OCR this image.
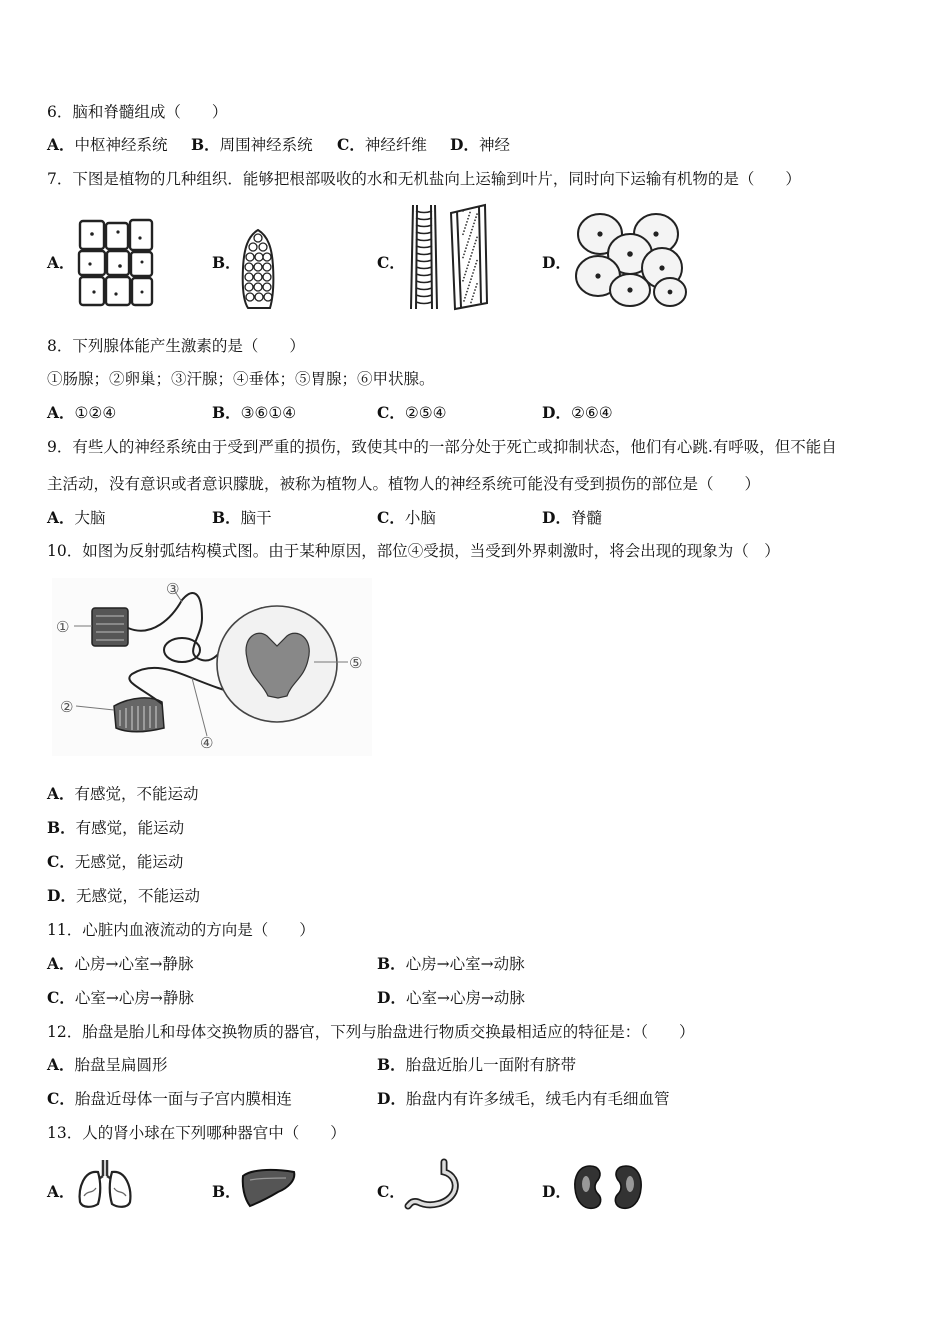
6．脑和脊髓组成（　　）
A．中枢神经系统 B．周围神经系统 C．神经纤维 D．神经
7．下图是植物的几种组织．能够把根部吸收的水和无机盐向上运输到叶片，同时向下运输有机物的是（　　）
A．	B．	C．	D．
8．下列腺体能产生激素的是（　　）
①肠腺；②卵巢；③汗腺；④垂体；⑤胃腺；⑥甲状腺。
A．①②④	B．③⑥①④	C．②⑤④	D．②⑥④
9．有些人的神经系统由于受到严重的损伤，致使其中的一部分处于死亡或抑制状态，他们有心跳.有呼吸，但不能自
主活动，没有意识或者意识朦胧，被称为植物人。植物人的神经系统可能没有受到损伤的部位是（　　）
A．大脑	B．脑干	C．小脑	D．脊髓
10．如图为反射弧结构模式图。由于某种原因，部位④受损，当受到外界刺激时，将会出现的现象为（　）
①
②
③
④
⑤
A．有感觉，不能运动
B．有感觉，能运动
C．无感觉，能运动
D．无感觉，不能运动
11．心脏内血液流动的方向是（　　）
A．心房→心室→静脉	B．心房→心室→动脉
C．心室→心房→静脉	D．心室→心房→动脉
12．胎盘是胎儿和母体交换物质的器官，下列与胎盘进行物质交换最相适应的特征是：（　　）
A．胎盘呈扁圆形	B．胎盘近胎儿一面附有脐带
C．胎盘近母体一面与子宫内膜相连	D．胎盘内有许多绒毛，绒毛内有毛细血管
13．人的肾小球在下列哪种器官中（　　）
A．	B．	C．	D．
